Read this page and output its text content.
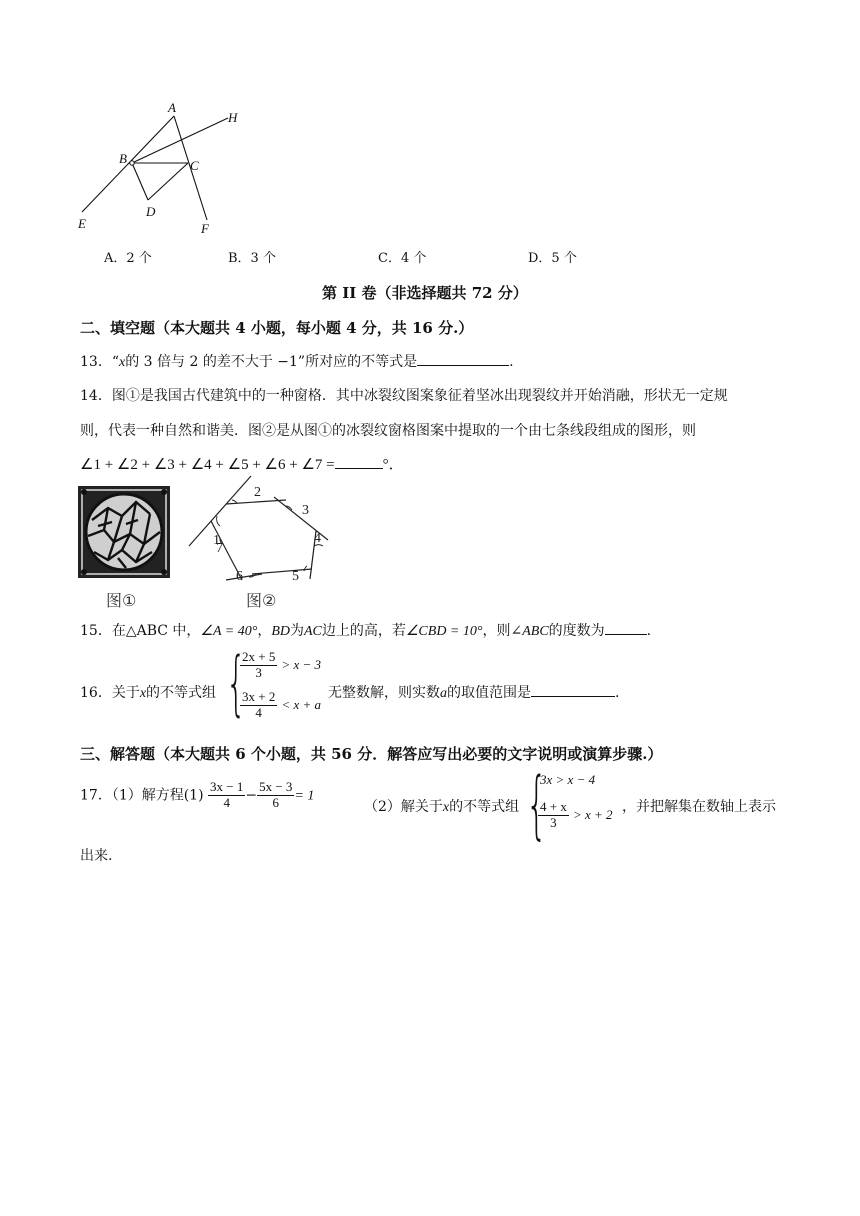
A
H
B	C
D
E	F
A．2 个	B．3 个	C．4 个	D．5 个
第 II 卷（非选择题共 72 分）
二、填空题（本大题共 4 小题，每小题 4 分，共 16 分.）
13．“x的 3 倍与 2 的差不大于 −1”所对应的不等式是	.
14．图①是我国古代建筑中的一种窗格．其中冰裂纹图案象征着坚冰出现裂纹并开始消融，形状无一定规
则，代表一种自然和谐美．图②是从图①的冰裂纹窗格图案中提取的一个由七条线段组成的图形，则
∠1 + ∠2 + ∠3 + ∠4 + ∠5 + ∠6 + ∠7 =	°．
图①
1
2
3
4
5
6
7
图②
15．在△ABC 中，∠A = 40°，BD为AC边上的高，若∠CBD = 10°，则∠ABC的度数为	.
16．关于x的不等式组 {
$\frac{2x + 5}{3} > x - 3$
$\frac{3x + 2}{4} < x + a$
无整数解，则实数a的取值范围是	.
三、解答题（本大题共 6 个小题，共 56 分．解答应写出必要的文字说明或演算步骤.）
17．（1）解方程$(1) \frac{3x - 1}{4} - \frac{5x - 3}{6} = 1$
（2）解关于x的不等式组 {
3x > x − 4
$\frac{4 + x}{3} > x + 2$ ，并把解集在数轴上表示
出来.
